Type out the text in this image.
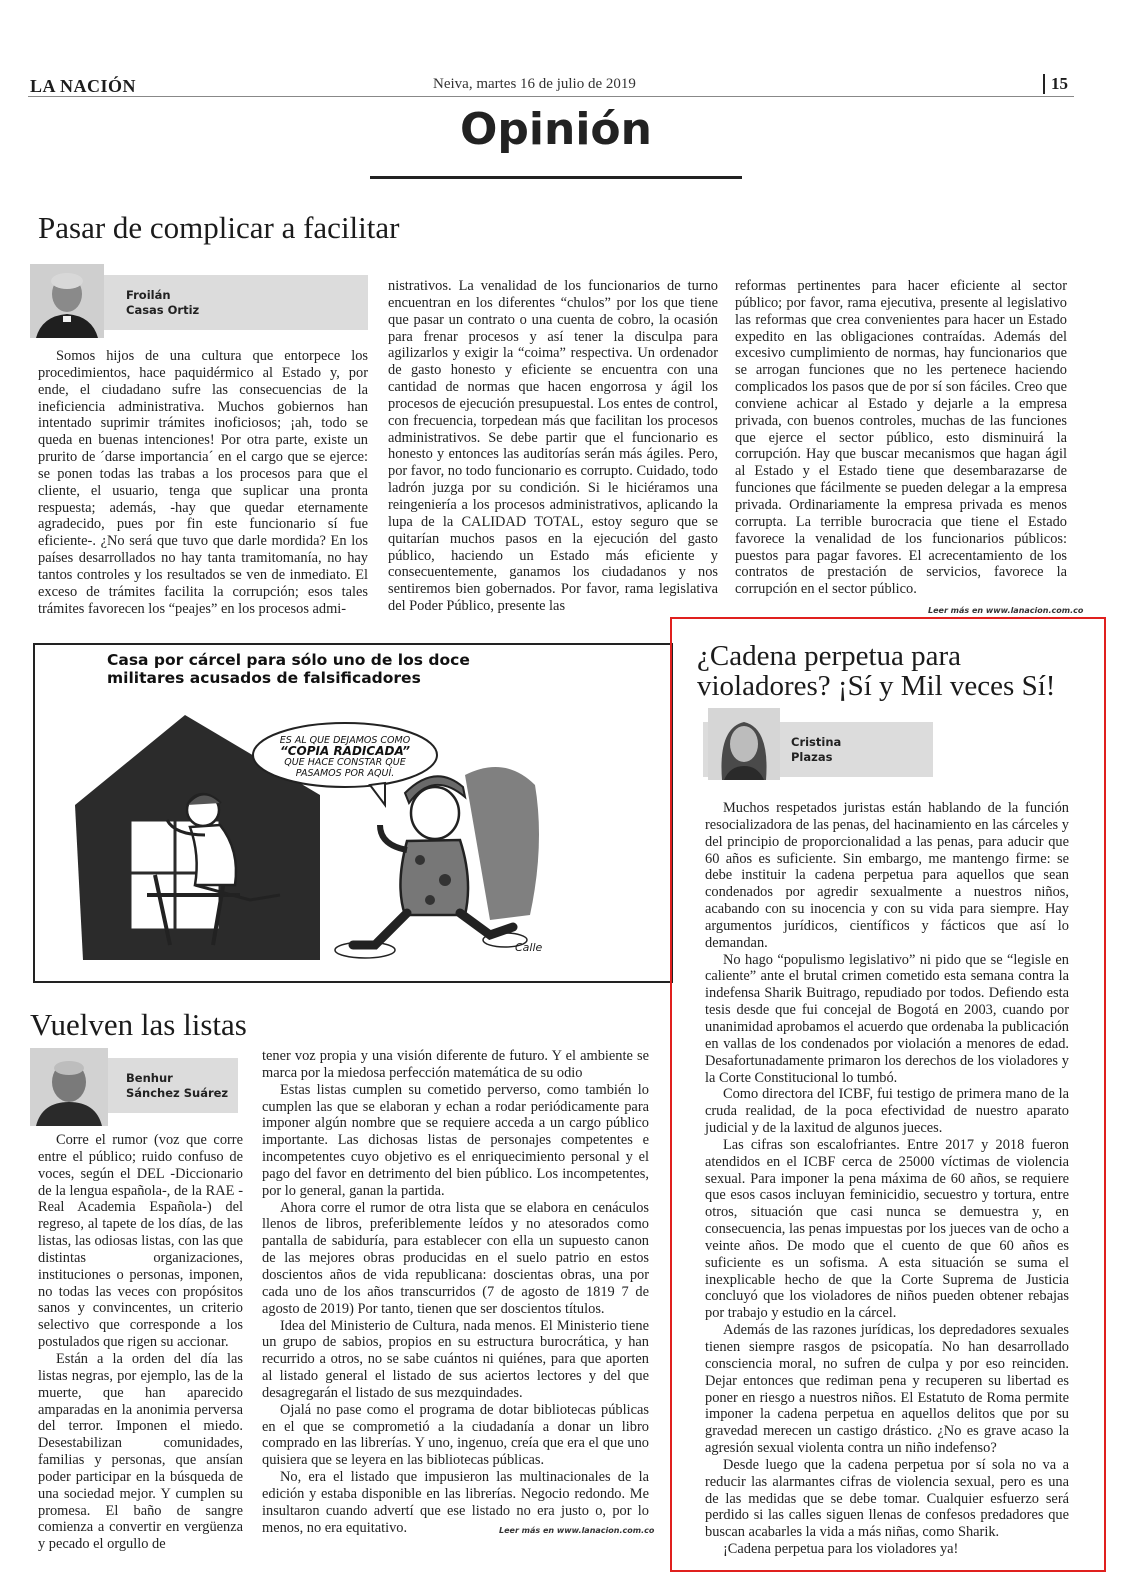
LA NACIÓN	Neiva, martes 16 de julio de 2019	15
Opinión
Pasar de complicar a facilitar
Froilán
Casas Ortiz

Somos hijos de una cultura que entorpece los procedimientos, hace paquidérmico al Estado y, por ende, el ciudadano sufre las consecuencias de la ineficiencia administrativa. Muchos gobiernos han intentado suprimir trámites inoficiosos; ¡ah, todo se queda en buenas intenciones! Por otra parte, existe un prurito de ´darse importancia´ en el cargo que se ejerce: se ponen todas las trabas a los procesos para que el cliente, el usuario, tenga que suplicar una pronta respuesta; además, -hay que quedar eternamente agradecido, pues por fin este funcionario sí fue eficiente-. ¿No será que tuvo que darle mordida? En los países desarrollados no hay tanta tramitomanía, no hay tantos controles y los resultados se ven de inmediato. El exceso de trámites facilita la corrupción; esos tales trámites favorecen los “peajes” en los procesos admi-

nistrativos. La venalidad de los funcionarios de turno encuentran en los diferentes “chulos” por los que tiene que pasar un contrato o una cuenta de cobro, la ocasión para frenar procesos y así tener la disculpa para agilizarlos y exigir la “coima” respectiva. Un ordenador de gasto honesto y eficiente se encuentra con una cantidad de normas que hacen engorrosa y ágil los procesos de ejecución presupuestal. Los entes de control, con frecuencia, torpedean más que facilitan los procesos administrativos. Se debe partir que el funcionario es honesto y entonces las auditorías serán más ágiles. Pero, por favor, no todo funcionario es corrupto. Cuidado, todo ladrón juzga por su condición. Si le hiciéramos una reingeniería a los procesos administrativos, aplicando la lupa de la CALIDAD TOTAL, estoy seguro que se quitarían muchos pasos en la ejecución del gasto público, haciendo un Estado más eficiente y consecuentemente, ganamos los ciudadanos y nos sentiremos bien gobernados. Por favor, rama legislativa del Poder Público, presente las
reformas pertinentes para hacer eficiente al sector público; por favor, rama ejecutiva, presente al legislativo las reformas que crea convenientes para hacer un Estado expedito en las obligaciones contraídas. Además del excesivo cumplimiento de normas, hay funcionarios que se arrogan funciones que no les pertenece haciendo complicados los pasos que de por sí son fáciles. Creo que conviene achicar al Estado y dejarle a la empresa privada, con buenos controles, muchas de las funciones que ejerce el sector público, esto disminuirá la corrupción. Hay que buscar mecanismos que hagan ágil al Estado y el Estado tiene que desembarazarse de funciones que fácilmente se pueden delegar a la empresa privada. Ordinariamente la empresa privada es menos corrupta. La terrible burocracia que tiene el Estado favorece la venalidad de los funcionarios públicos: puestos para pagar favores. El acrecentamiento de los contratos de prestación de servicios, favorece la corrupción en el sector público.
Leer más en www.lanacion.com.co
Casa por cárcel para sólo uno de los doce militares acusados de falsificadores
ES AL QUE DEJAMOS COMO
“COPIA RADICADA”
QUE HACE CONSTAR QUE PASAMOS POR AQUÍ.
Calle
Vuelven las listas
Benhur
Sánchez Suárez

Corre el rumor (voz que corre entre el público; ruido confuso de voces, según el DEL -Diccionario de la lengua española-, de la RAE -Real Academia Española-) del regreso, al tapete de los días, de las listas, las odiosas listas, con las que distintas organizaciones, instituciones o personas, imponen, no todas las veces con propósitos sanos y convincentes, un criterio selectivo que corresponde a los postulados que rigen su accionar.

Están a la orden del día las listas negras, por ejemplo, las de la muerte, que han aparecido amparadas en la anonimia perversa del terror. Imponen el miedo. Desestabilizan comunidades, familias y personas, que ansían poder participar en la búsqueda de una sociedad mejor. Y cumplen su promesa. El baño de sangre comienza a convertir en vergüenza y pecado el orgullo de

tener voz propia y una visión diferente de futuro. Y el ambiente se marca por la miedosa perfección matemática de su odio

Estas listas cumplen su cometido perverso, como también lo cumplen las que se elaboran y echan a rodar periódicamente para imponer algún nombre que se requiere acceda a un cargo público importante. Las dichosas listas de personajes competentes e incompetentes cuyo objetivo es el enriquecimiento personal y el pago del favor en detrimento del bien público. Los incompetentes, por lo general, ganan la partida.

Ahora corre el rumor de otra lista que se elabora en cenáculos llenos de libros, preferiblemente leídos y no atesorados como pantalla de sabiduría, para establecer con ella un supuesto canon de las mejores obras producidas en el suelo patrio en estos doscientos años de vida republicana: doscientas obras, una por cada uno de los años transcurridos (7 de agosto de 1819 7 de agosto de 2019) Por tanto, tienen que ser doscientos títulos.

Idea del Ministerio de Cultura, nada menos. El Ministerio tiene un grupo de sabios, propios en su estructura burocrática, y han recurrido a otros, no se sabe cuántos ni quiénes, para que aporten al listado general el listado de sus aciertos lectores y del que desagregarán el listado de sus mezquindades.

Ojalá no pase como el programa de dotar bibliotecas públicas en el que se comprometió a la ciudadanía a donar un libro comprado en las librerías. Y uno, ingenuo, creía que era el que uno quisiera que se leyera en las bibliotecas públicas.

No, era el listado que impusieron las multinacionales de la edición y estaba disponible en las librerías. Negocio redondo. Me insultaron cuando advertí que ese listado no era justo o, por lo menos, no era equitativo.	Leer más en www.lanacion.com.co
¿Cadena perpetua para violadores? ¡Sí y Mil veces Sí!
Cristina
Plazas

Muchos respetados juristas están hablando de la función resocializadora de las penas, del hacinamiento en las cárceles y del principio de proporcionalidad a las penas, para aducir que 60 años es suficiente. Sin embargo, me mantengo firme: se debe instituir la cadena perpetua para aquellos que sean condenados por agredir sexualmente a nuestros niños, acabando con su inocencia y con su vida para siempre. Hay argumentos jurídicos, científicos y fácticos que así lo demandan.

No hago “populismo legislativo” ni pido que se “legisle en caliente” ante el brutal crimen cometido esta semana contra la indefensa Sharik Buitrago, repudiado por todos. Defiendo esta tesis desde que fui concejal de Bogotá en 2003, cuando por unanimidad aprobamos el acuerdo que ordenaba la publicación en vallas de los condenados por violación a menores de edad. Desafortunadamente primaron los derechos de los violadores y la Corte Constitucional lo tumbó.

Como directora del ICBF, fui testigo de primera mano de la cruda realidad, de la poca efectividad de nuestro aparato judicial y de la laxitud de algunos jueces.

Las cifras son escalofriantes. Entre 2017 y 2018 fueron atendidos en el ICBF cerca de 25000 víctimas de violencia sexual. Para imponer la pena máxima de 60 años, se requiere que esos casos incluyan feminicidio, secuestro y tortura, entre otros, situación que casi nunca se demuestra y, en consecuencia, las penas impuestas por los jueces van de ocho a veinte años. De modo que el cuento de que 60 años es suficiente es un sofisma. A esta situación se suma el inexplicable hecho de que la Corte Suprema de Justicia concluyó que los violadores de niños pueden obtener rebajas por trabajo y estudio en la cárcel.

Además de las razones jurídicas, los depredadores sexuales tienen siempre rasgos de psicopatía. No han desarrollado consciencia moral, no sufren de culpa y por eso reinciden. Dejar entonces que rediman pena y recuperen su libertad es poner en riesgo a nuestros niños. El Estatuto de Roma permite imponer la cadena perpetua en aquellos delitos que por su gravedad merecen un castigo drástico. ¿No es grave acaso la agresión sexual violenta contra un niño indefenso?

Desde luego que la cadena perpetua por sí sola no va a reducir las alarmantes cifras de violencia sexual, pero es una de las medidas que se debe tomar. Cualquier esfuerzo será perdido si las calles siguen llenas de confesos predadores que buscan acabarles la vida a más niñas, como Sharik.

¡Cadena perpetua para los violadores ya!
